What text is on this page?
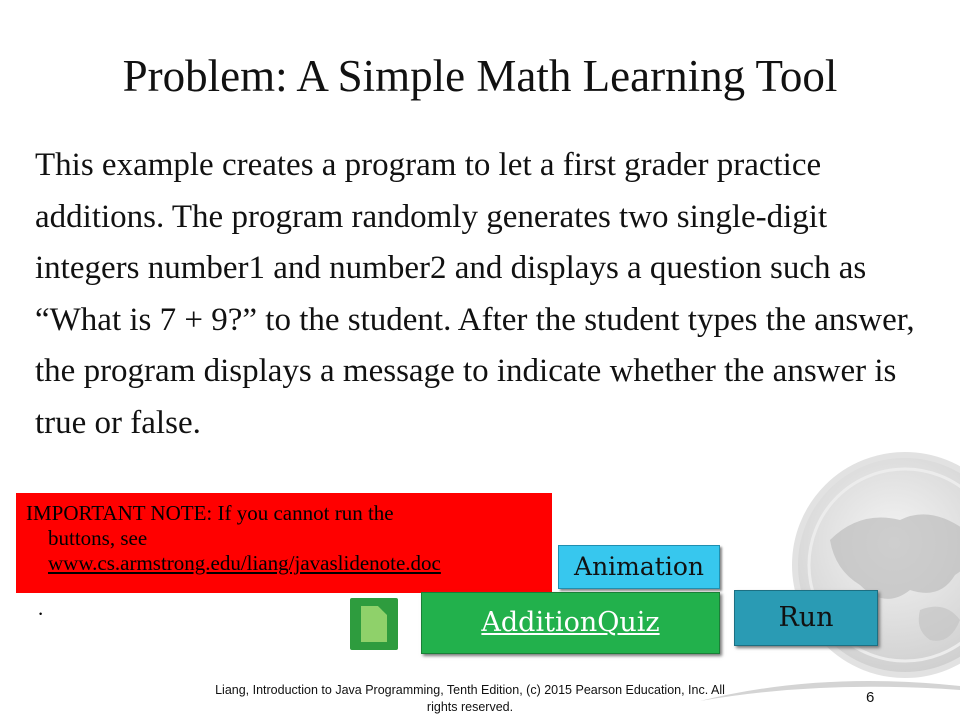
Problem: A Simple Math Learning Tool
This example creates a program to let a first grader practice additions. The program randomly generates two single-digit integers number1 and number2 and displays a question such as “What is 7 + 9?” to the student. After the student types the answer, the program displays a message to indicate whether the answer is true or false.
IMPORTANT NOTE: If you cannot run the
buttons, see
www.cs.armstrong.edu/liang/javaslidenote.doc
.
Animation
AdditionQuiz	Run
Liang, Introduction to Java Programming, Tenth Edition, (c) 2015 Pearson Education, Inc. All
rights reserved.
6
